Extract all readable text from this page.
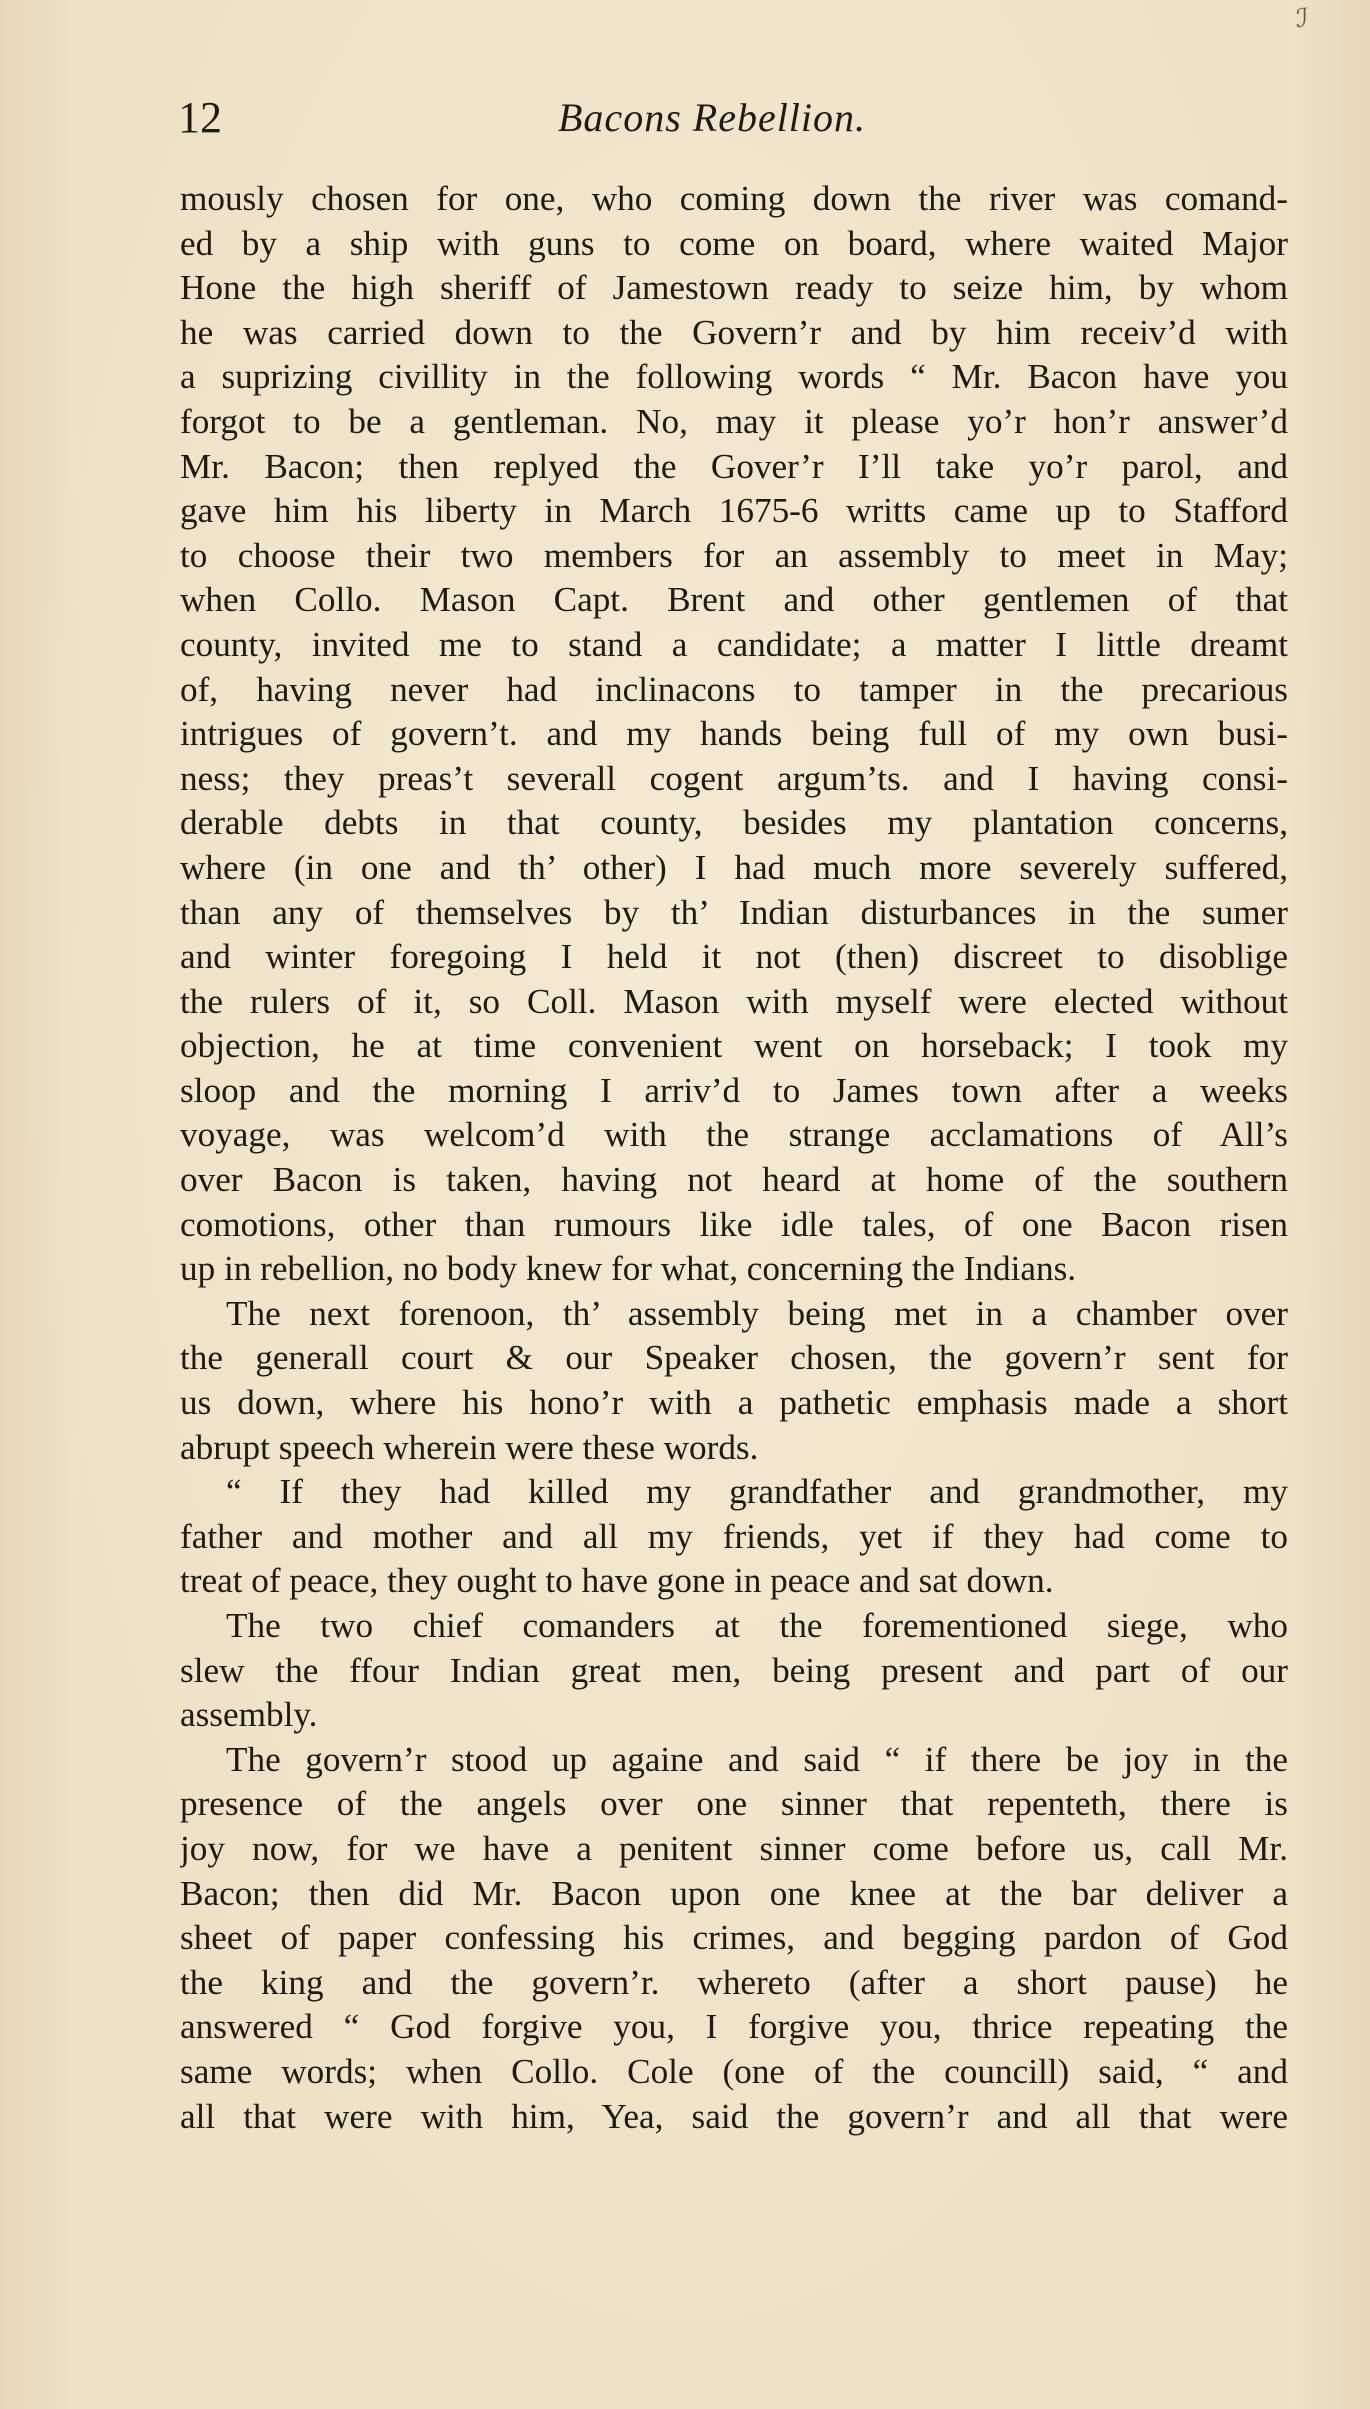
ℐ
12	Bacons Rebellion.
mously chosen for one, who coming down the river was comand-
ed by a ship with guns to come on board, where waited Major
Hone the high sheriff of Jamestown ready to seize him, by whom
he was carried down to the Govern’r and by him receiv’d with
a suprizing civillity in the following words “ Mr. Bacon have you
forgot to be a gentleman. No, may it please yo’r hon’r answer’d
Mr. Bacon; then replyed the Gover’r I’ll take yo’r parol, and
gave him his liberty in March 1675-6 writts came up to Stafford
to choose their two members for an assembly to meet in May;
when Collo. Mason Capt. Brent and other gentlemen of that
county, invited me to stand a candidate; a matter I little dreamt
of, having never had inclinacons to tamper in the precarious
intrigues of govern’t. and my hands being full of my own busi-
ness; they preas’t severall cogent argum’ts. and I having consi-
derable debts in that county, besides my plantation concerns,
where (in one and th’ other) I had much more severely suffered,
than any of themselves by th’ Indian disturbances in the sumer
and winter foregoing I held it not (then) discreet to disoblige
the rulers of it, so Coll. Mason with myself were elected without
objection, he at time convenient went on horseback; I took my
sloop and the morning I arriv’d to James town after a weeks
voyage, was welcom’d with the strange acclamations of All’s
over Bacon is taken, having not heard at home of the southern
comotions, other than rumours like idle tales, of one Bacon risen
up in rebellion, no body knew for what, concerning the Indians.
The next forenoon, th’ assembly being met in a chamber over
the generall court & our Speaker chosen, the govern’r sent for
us down, where his hono’r with a pathetic emphasis made a short
abrupt speech wherein were these words.
“ If they had killed my grandfather and grandmother, my
father and mother and all my friends, yet if they had come to
treat of peace, they ought to have gone in peace and sat down.
The two chief comanders at the forementioned siege, who
slew the ffour Indian great men, being present and part of our
assembly.
The govern’r stood up againe and said “ if there be joy in the
presence of the angels over one sinner that repenteth, there is
joy now, for we have a penitent sinner come before us, call Mr.
Bacon; then did Mr. Bacon upon one knee at the bar deliver a
sheet of paper confessing his crimes, and begging pardon of God
the king and the govern’r. whereto (after a short pause) he
answered “ God forgive you, I forgive you, thrice repeating the
same words; when Collo. Cole (one of the councill) said, “ and
all that were with him, Yea, said the govern’r and all that were
